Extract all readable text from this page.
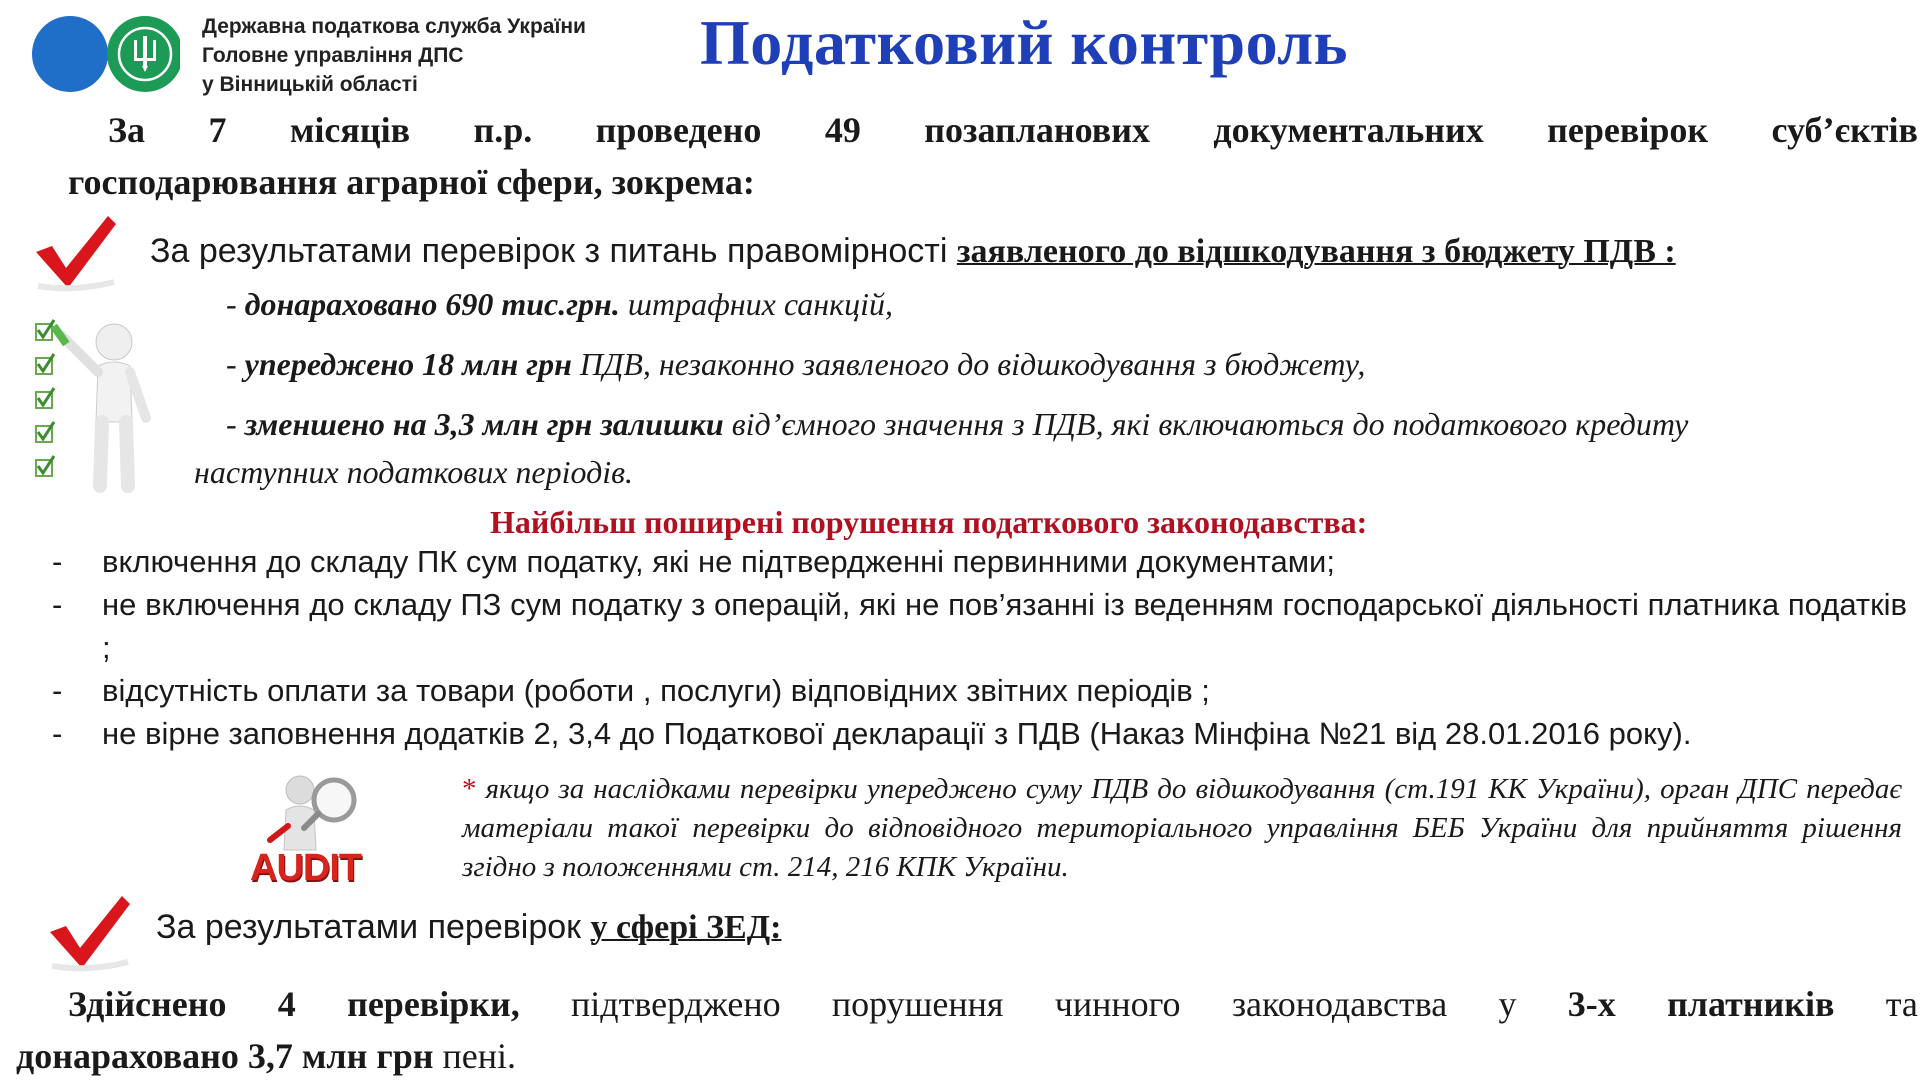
Державна податкова служба України
Головне управління ДПС
у Вінницькій області
Податковий контроль
За 7 місяців п.р. проведено 49 позапланових документальних перевірок суб’єктів
господарювання аграрної сфери, зокрема:
За результатами перевірок з питань правомірності заявленого до відшкодування з бюджету ПДВ :
- донараховано 690 тис.грн. штрафних санкцій,
- упереджено 18 млн грн ПДВ, незаконно заявленого до відшкодування з бюджету,
- зменшено на 3,3 млн грн залишки від’ємного значення з ПДВ, які включаються до податкового кредиту
наступних податкових періодів.
Найбільш поширені порушення податкового законодавства:
-	включення до складу ПК сум податку, які не підтвердженні первинними документами;
-	не включення до складу ПЗ сум податку з операцій, які не пов’язанні із веденням господарської діяльності платника податків ;
-	відсутність оплати за товари (роботи , послуги) відповідних звітних періодів ;
-	не вірне заповнення додатків 2, 3,4 до Податкової декларації з ПДВ (Наказ Мінфіна №21 від 28.01.2016 року).
AUDIT
* якщо за наслідками перевірки упереджено суму ПДВ до відшкодування (ст.191 КК України), орган ДПС передає матеріали такої перевірки до відповідного територіального управління БЕБ України для прийняття рішення згідно з положеннями ст. 214, 216 КПК України.
За результатами перевірок у сфері ЗЕД:
Здійснено 4 перевірки, підтверджено порушення чинного законодавства у 3-х платників та
донараховано 3,7 млн грн пені.
